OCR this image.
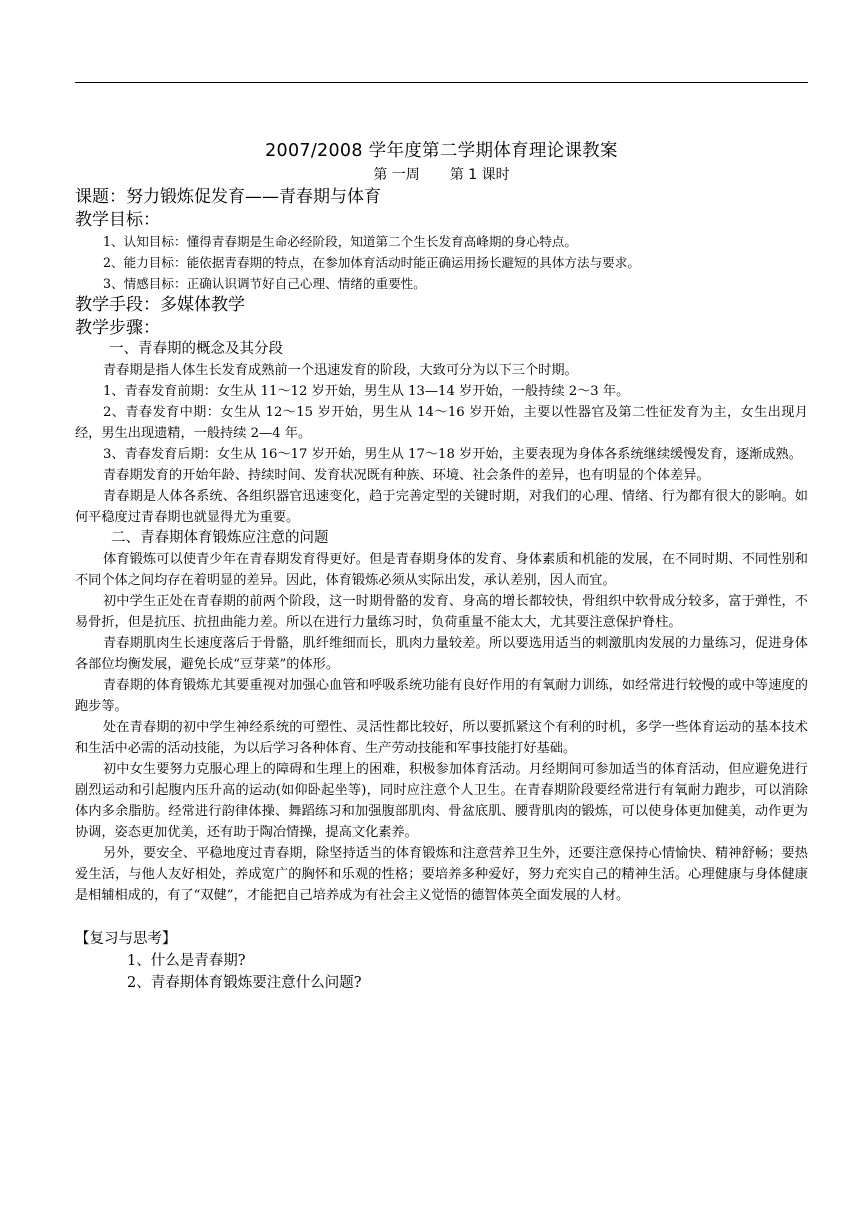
2007/2008 学年度第二学期体育理论课教案
第 一周 第 1 课时
课题：努力锻炼促发育——青春期与体育
教学目标：
1、认知目标：懂得青春期是生命必经阶段，知道第二个生长发育高峰期的身心特点。
2、能力目标：能依据青春期的特点，在参加体育活动时能正确运用扬长避短的具体方法与要求。
3、情感目标：正确认识调节好自己心理、情绪的重要性。
教学手段：多媒体教学
教学步骤：
一、青春期的概念及其分段

青春期是指人体生长发育成熟前一个迅速发育的阶段，大致可分为以下三个时期。

1、青春发育前期：女生从 11～12 岁开始，男生从 13—14 岁开始，一般持续 2～3 年。

2、青春发育中期：女生从 12～15 岁开始，男生从 14～16 岁开始，主要以性器官及第二性征发育为主，女生出现月经，男生出现遗精，一般持续 2—4 年。

3、青春发育后期：女生从 16～17 岁开始，男生从 17～18 岁开始，主要表现为身体各系统继续缓慢发育，逐渐成熟。

青春期发育的开始年龄、持续时间、发育状况既有种族、环境、社会条件的差异，也有明显的个体差异。

青春期是人体各系统、各组织器官迅速变化，趋于完善定型的关键时期，对我们的心理、情绪、行为都有很大的影响。如何平稳度过青春期也就显得尤为重要。

二、青春期体育锻炼应注意的问题

体育锻炼可以使青少年在青春期发育得更好。但是青春期身体的发育、身体素质和机能的发展，在不同时期、不同性别和不同个体之间均存在着明显的差异。因此，体育锻炼必须从实际出发，承认差别，因人而宜。

初中学生正处在青春期的前两个阶段，这一时期骨骼的发育、身高的增长都较快，骨组织中软骨成分较多，富于弹性，不易骨折，但是抗压、抗扭曲能力差。所以在进行力量练习时，负荷重量不能太大，尤其要注意保护脊柱。

青春期肌肉生长速度落后于骨骼，肌纤维细而长，肌肉力量较差。所以要选用适当的刺激肌肉发展的力量练习，促进身体各部位均衡发展，避免长成“豆芽菜”的体形。

青春期的体育锻炼尤其要重视对加强心血管和呼吸系统功能有良好作用的有氧耐力训练，如经常进行较慢的或中等速度的跑步等。

处在青春期的初中学生神经系统的可塑性、灵活性都比较好，所以要抓紧这个有利的时机，多学一些体育运动的基本技术和生活中必需的活动技能，为以后学习各种体育、生产劳动技能和军事技能打好基础。

初中女生要努力克服心理上的障碍和生理上的困难，积极参加体育活动。月经期间可参加适当的体育活动，但应避免进行剧烈运动和引起腹内压升高的运动(如仰卧起坐等)，同时应注意个人卫生。在青春期阶段要经常进行有氧耐力跑步，可以消除体内多余脂肪。经常进行韵律体操、舞蹈练习和加强腹部肌肉、骨盆底肌、腰背肌肉的锻炼，可以使身体更加健美，动作更为协调，姿态更加优美，还有助于陶冶情操，提高文化素养。

另外，要安全、平稳地度过青春期，除坚持适当的体育锻炼和注意营养卫生外，还要注意保持心情愉快、精神舒畅；要热爱生活，与他人友好相处，养成宽广的胸怀和乐观的性格；要培养多种爱好，努力充实自己的精神生活。心理健康与身体健康是相辅相成的，有了“双健”，才能把自己培养成为有社会主义觉悟的德智体英全面发展的人材。

【复习与思考】
1、什么是青春期?
2、青春期体育锻炼要注意什么问题?
